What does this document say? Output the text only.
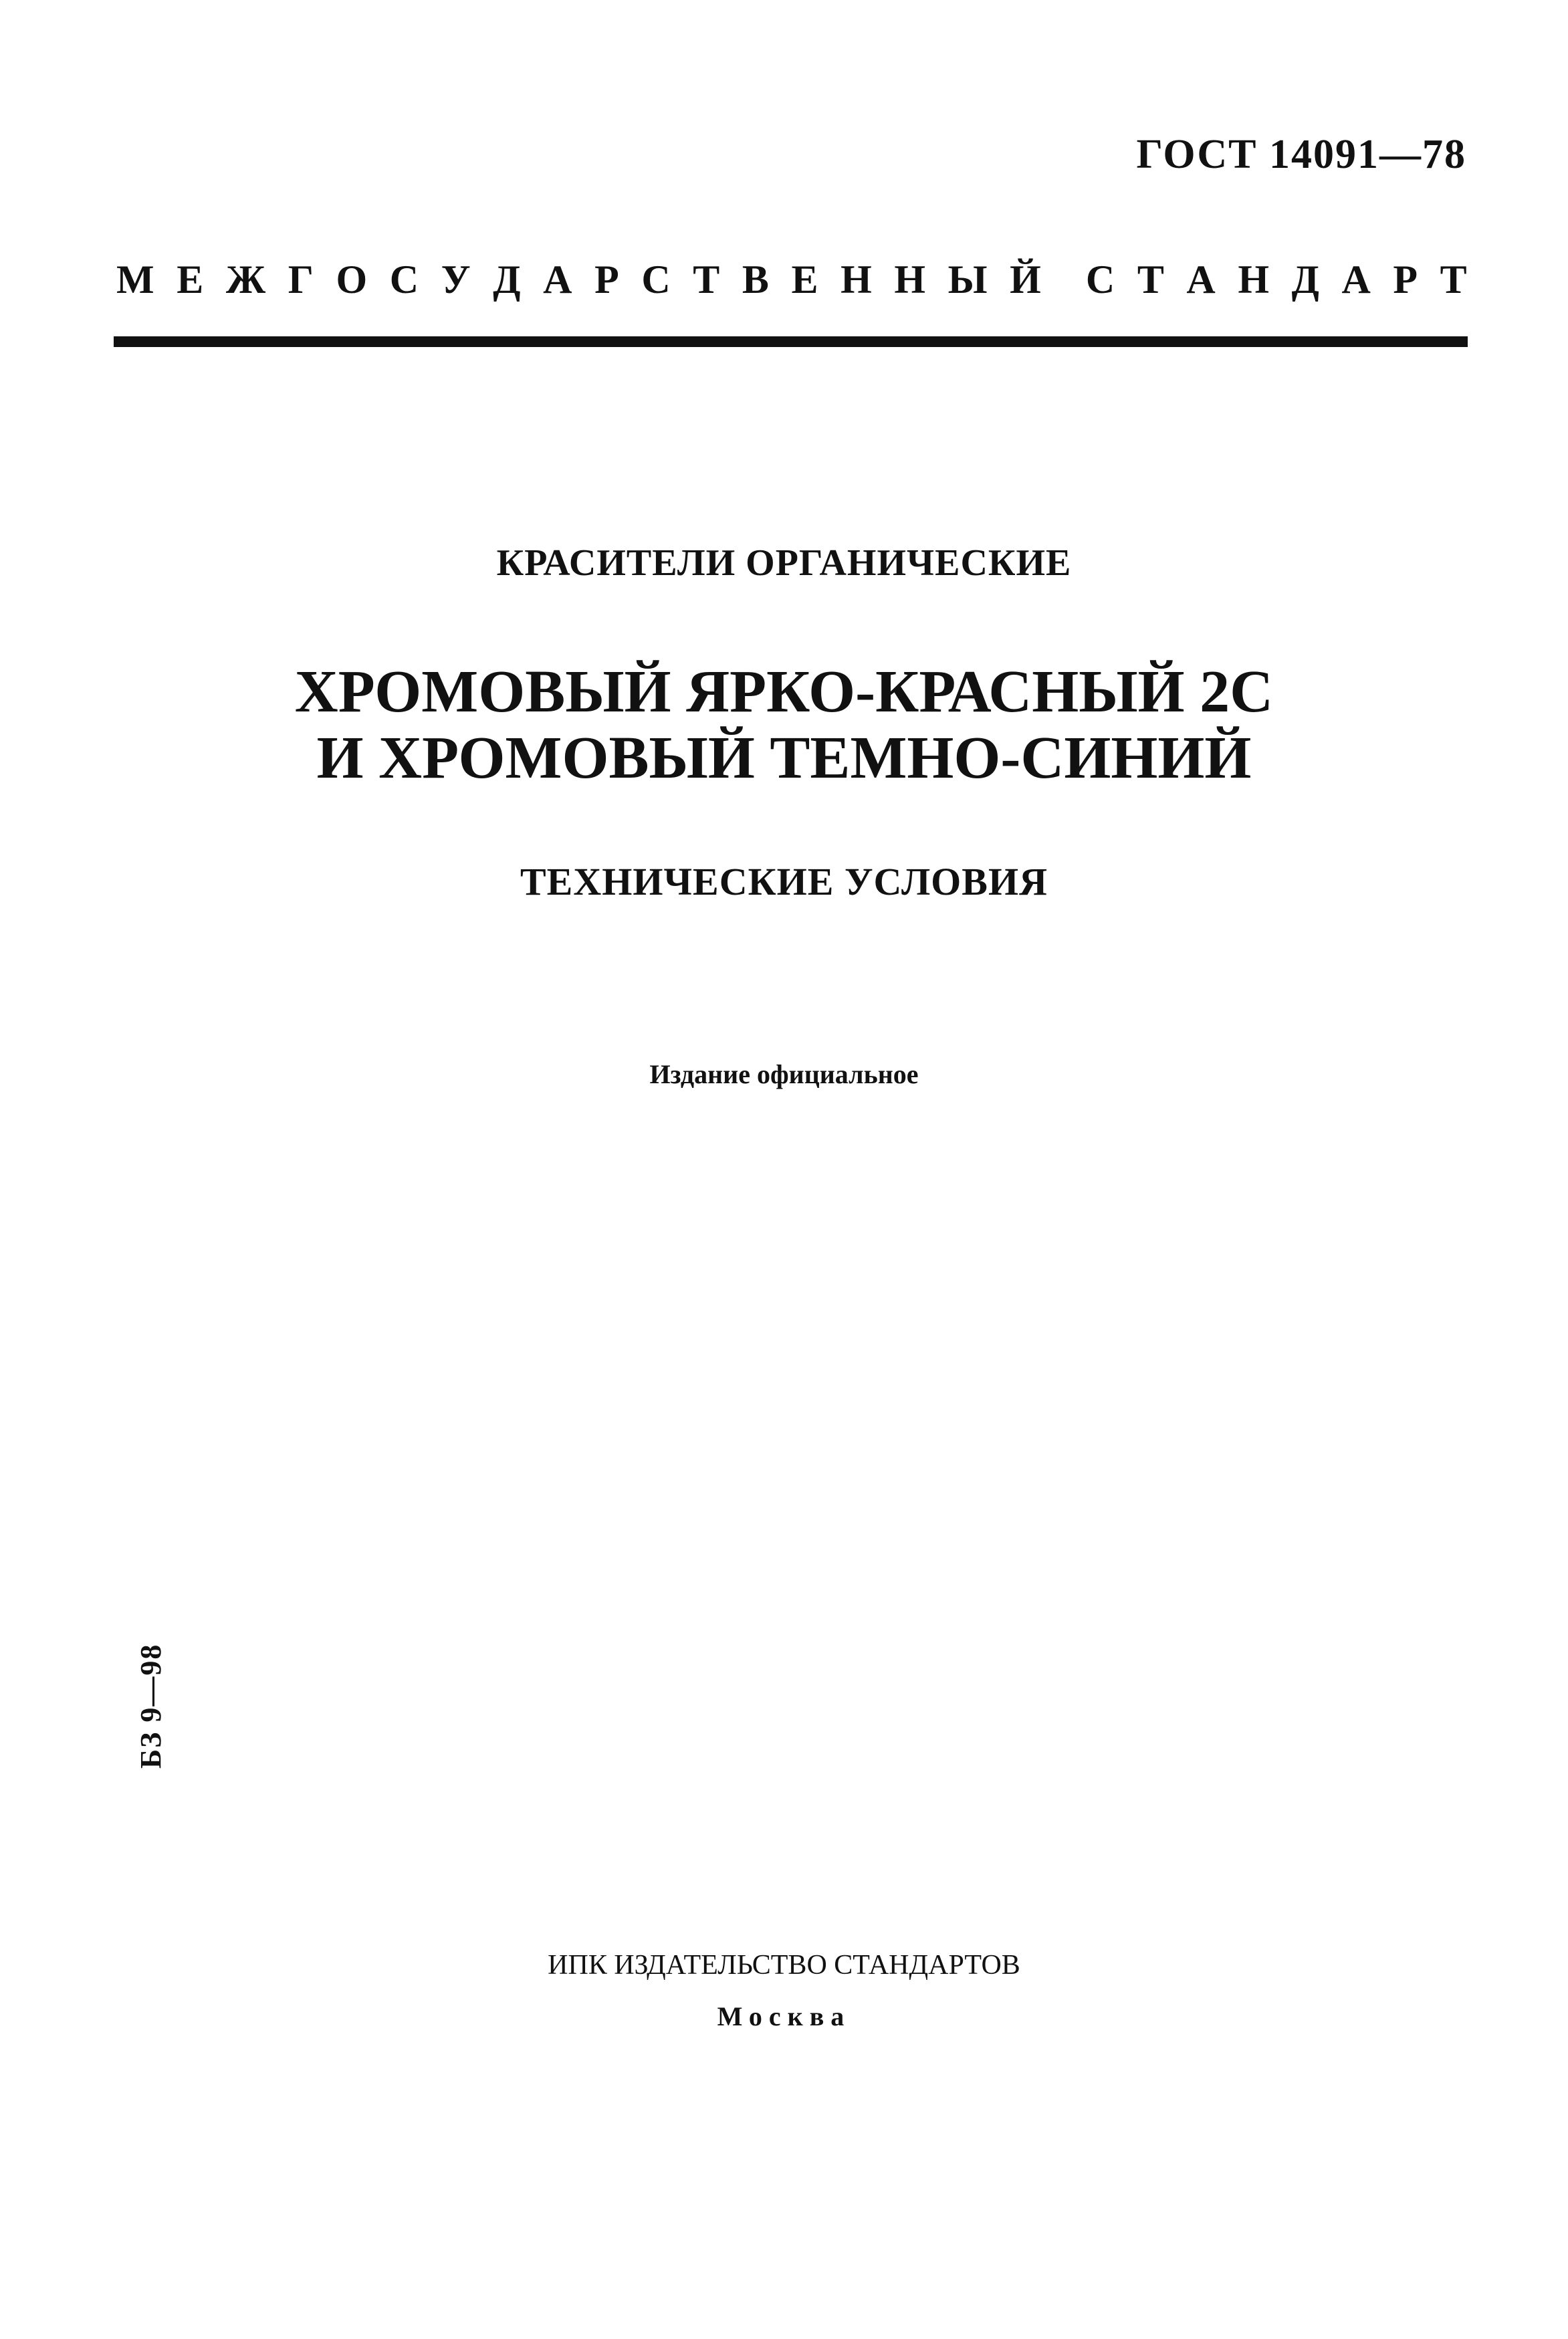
ГОСТ 14091—78
М Е Ж Г О С У Д А Р С Т В Е Н Н Ы Й С Т А Н Д А Р Т
КРАСИТЕЛИ ОРГАНИЧЕСКИЕ
ХРОМОВЫЙ ЯРКО-КРАСНЫЙ 2С
И ХРОМОВЫЙ ТЕМНО-СИНИЙ
ТЕХНИЧЕСКИЕ УСЛОВИЯ
Издание официальное
БЗ 9—98
ИПК ИЗДАТЕЛЬСТВО СТАНДАРТОВ
Москва
